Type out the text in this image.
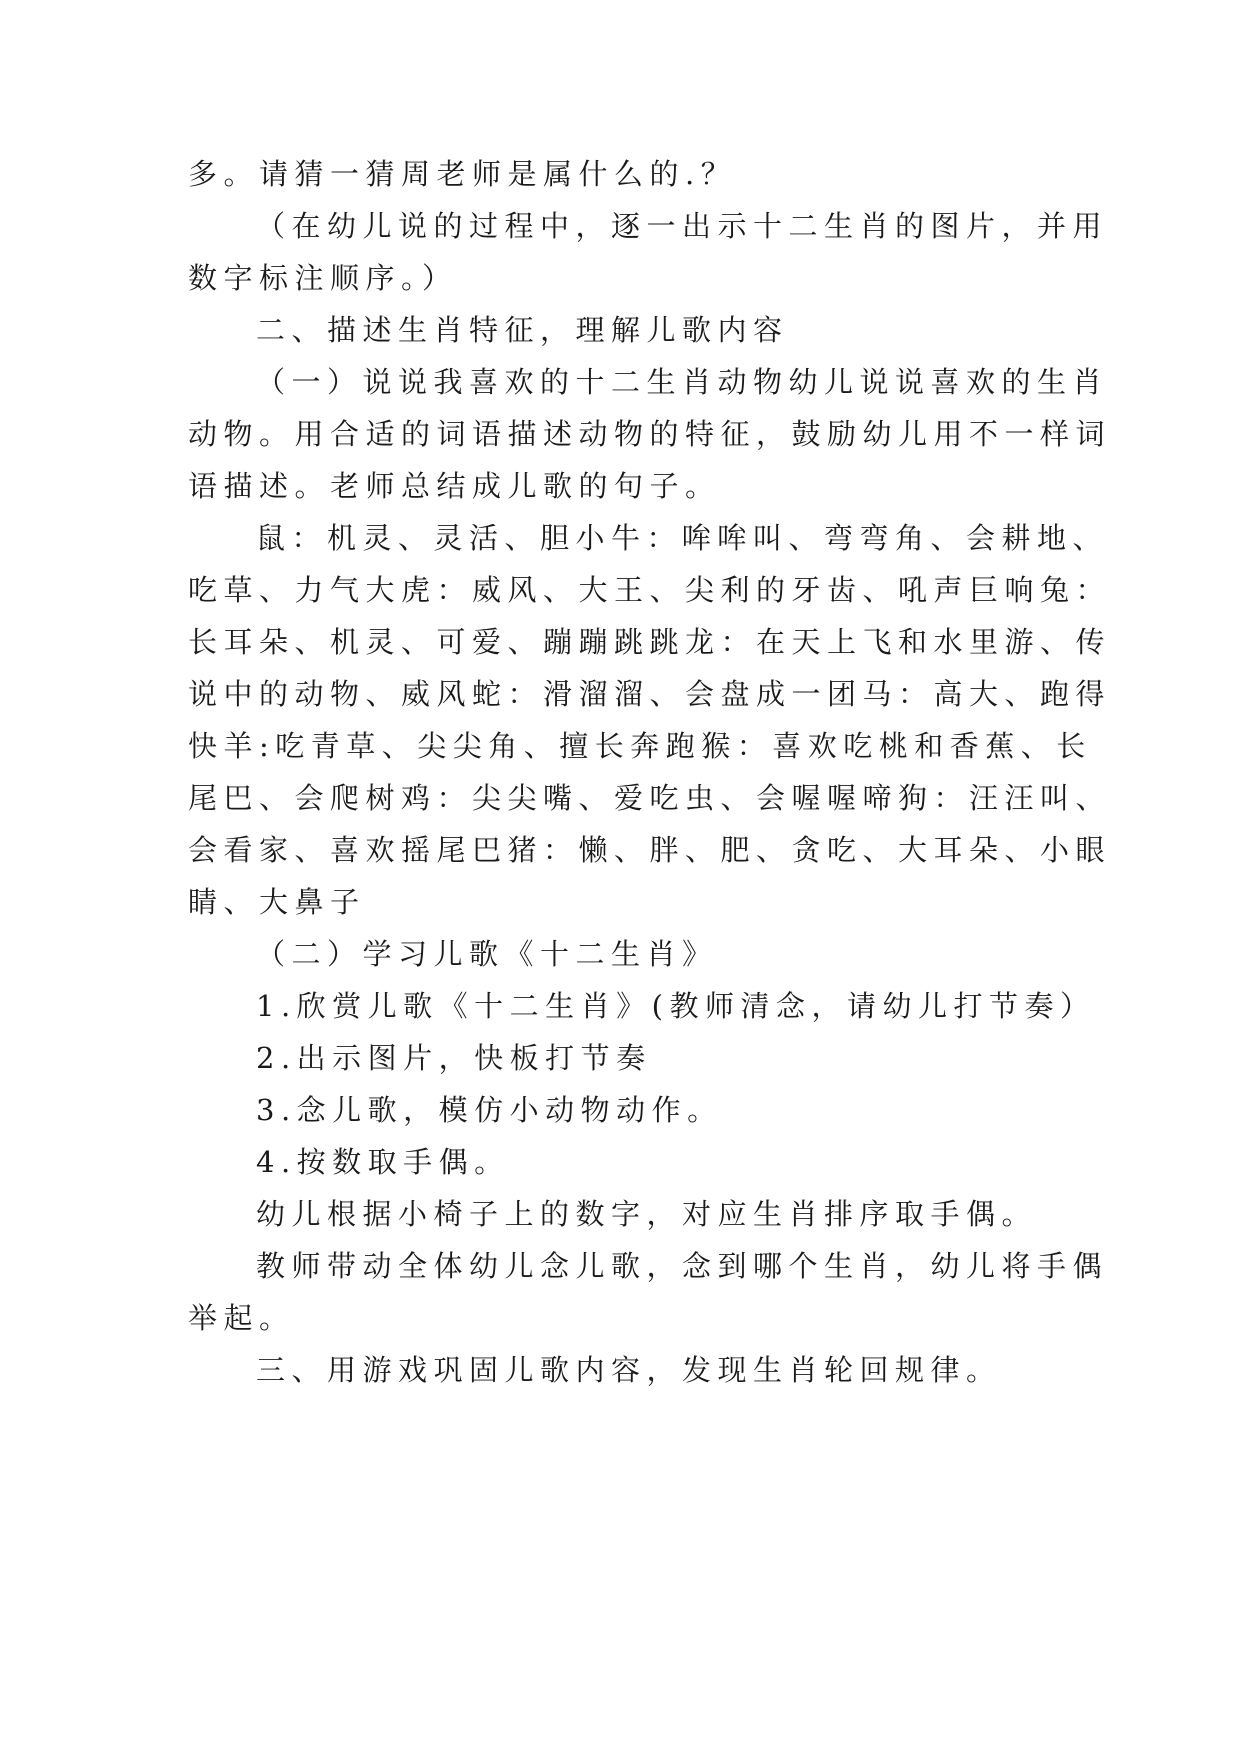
多。请猜一猜周老师是属什么的.？
（在幼儿说的过程中，逐一出示十二生肖的图片，并用
数字标注顺序。）
二、描述生肖特征，理解儿歌内容
（一）说说我喜欢的十二生肖动物幼儿说说喜欢的生肖
动物。用合适的词语描述动物的特征，鼓励幼儿用不一样词
语描述。老师总结成儿歌的句子。
鼠：机灵、灵活、胆小牛：哞哞叫、弯弯角、会耕地、
吃草、力气大虎：威风、大王、尖利的牙齿、吼声巨响兔：
长耳朵、机灵、可爱、蹦蹦跳跳龙：在天上飞和水里游、传
说中的动物、威风蛇：滑溜溜、会盘成一团马：高大、跑得
快羊:吃青草、尖尖角、擅长奔跑猴：喜欢吃桃和香蕉、长
尾巴、会爬树鸡：尖尖嘴、爱吃虫、会喔喔啼狗：汪汪叫、
会看家、喜欢摇尾巴猪：懒、胖、肥、贪吃、大耳朵、小眼
睛、大鼻子
（二）学习儿歌《十二生肖》
1.欣赏儿歌《十二生肖》(教师清念，请幼儿打节奏）
2.出示图片，快板打节奏
3.念儿歌，模仿小动物动作。
4.按数取手偶。
幼儿根据小椅子上的数字，对应生肖排序取手偶。
教师带动全体幼儿念儿歌，念到哪个生肖，幼儿将手偶
举起。
三、用游戏巩固儿歌内容，发现生肖轮回规律。
